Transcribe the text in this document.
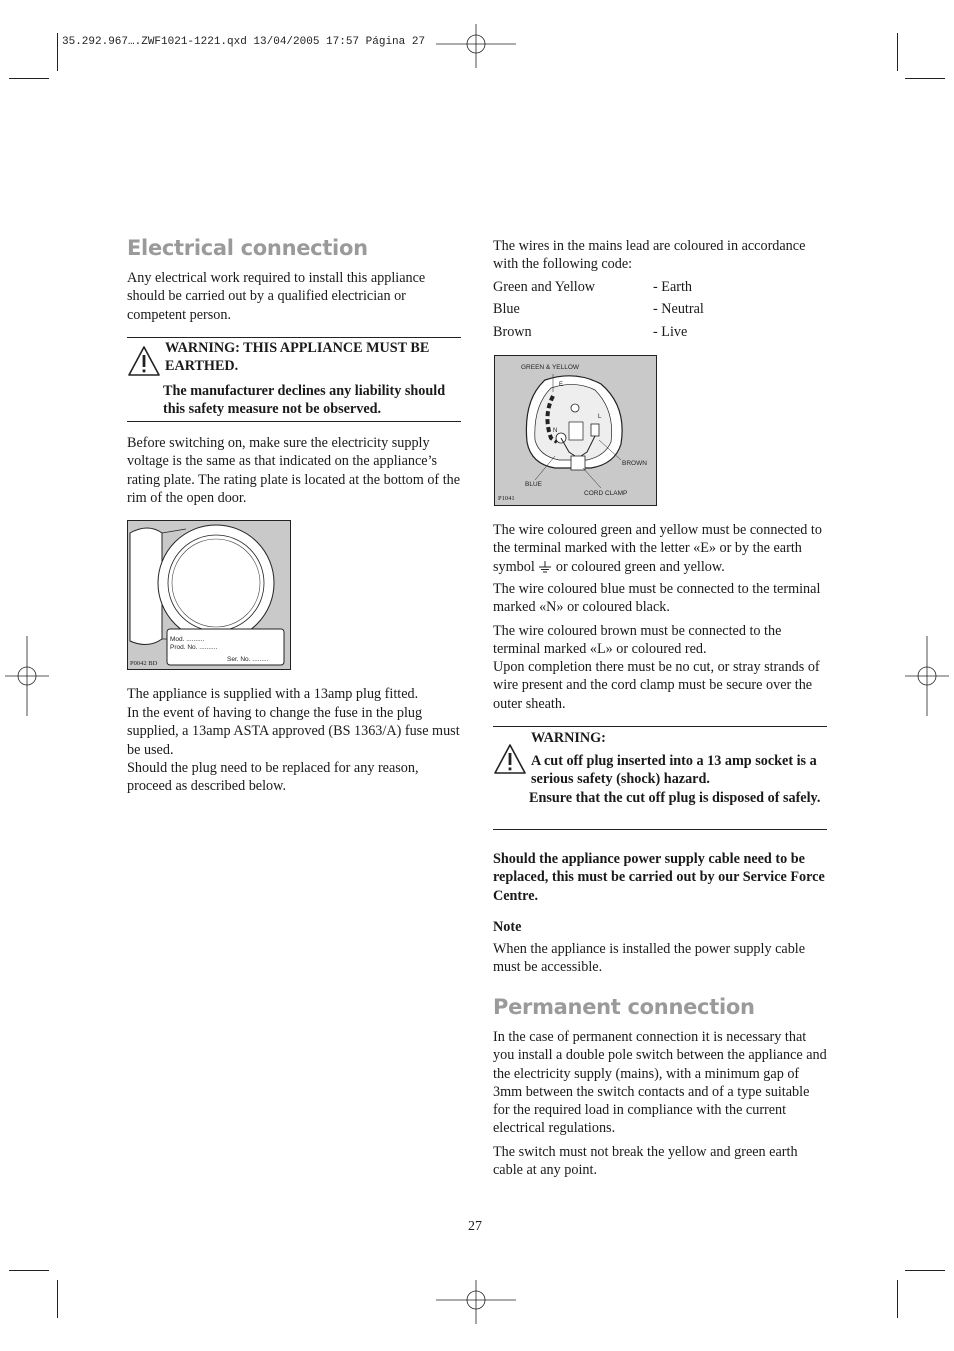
35.292.967….ZWF1021-1221.qxd 13/04/2005 17:57 Página 27
Electrical connection

Any electrical work required to install this appliance should be carried out by a qualified electrician or competent person.

WARNING: THIS APPLIANCE MUST BE EARTHED.

The manufacturer declines any liability should this safety measure not be observed.

Before switching on, make sure the electricity supply voltage is the same as that indicated on the appliance’s rating plate. The rating plate is located at the bottom of the rim of the open door.

Mod. ..........
Prod. No. ..........
Ser. No. .........
P0042 BD

The appliance is supplied with a 13amp plug fitted.

In the event of having to change the fuse in the plug supplied, a 13amp ASTA approved (BS 1363/A) fuse must be used.

Should the plug need to be replaced for any reason, proceed as described below.

The wires in the mains lead are coloured in accordance with the following code:

Green and Yellow	- Earth
Blue	- Neutral
Brown	- Live
GREEN & YELLOW
BROWN
BLUE
CORD CLAMP
E
N
L
P1041

The wire coloured green and yellow must be connected to the terminal marked with the letter «E» or by the earth symbol or coloured green and yellow.

The wire coloured blue must be connected to the terminal marked «N» or coloured black.

The wire coloured brown must be connected to the terminal marked «L» or coloured red.

Upon completion there must be no cut, or stray strands of wire present and the cord clamp must be secure over the outer sheath.

WARNING:

A cut off plug inserted into a 13 amp socket is a serious safety (shock) hazard.

Ensure that the cut off plug is disposed of safely.

Should the appliance power supply cable need to be replaced, this must be carried out by our Service Force Centre.

Note

When the appliance is installed the power supply cable must be accessible.

Permanent connection

In the case of permanent connection it is necessary that you install a double pole switch between the appliance and the electricity supply (mains), with a minimum gap of 3mm between the switch contacts and of a type suitable for the required load in compliance with the current electrical regulations.

The switch must not break the yellow and green earth cable at any point.

27
